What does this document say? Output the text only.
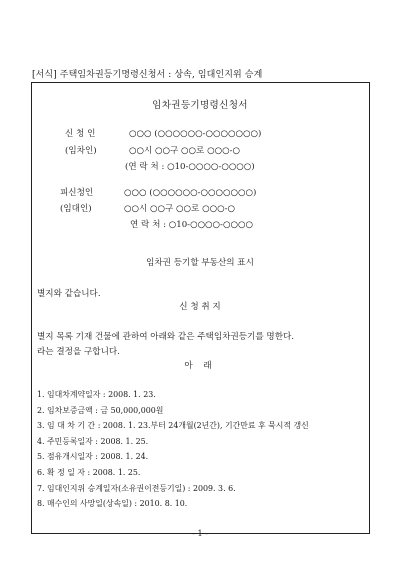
[서식] 주택임차권등기명령신청서 : 상속, 임대인지위 승계
임차권등기명령신청서
신 청 인	○○○ (○○○○○○-○○○○○○○)
(임차인)	○○시 ○○구 ○○로 ○○○-○
(연 락 처 : ○10-○○○○-○○○○)
피신청인	○○○ (○○○○○○-○○○○○○○)
(임대인)	○○시 ○○구 ○○로 ○○○-○
연 락 처 : ○10-○○○○-○○○○
임차권 등기할 부동산의 표시
별지와 같습니다.
신 청 취 지
별지 목록 기재 건물에 관하여 아래와 같은 주택임차권등기를 명한다.
라는 결정을 구합니다.
아 래
1. 임대차계약일자 : 2008. 1. 23.
2. 임차보증금액 : 금 50,000,000원
3. 임 대 차 기 간 : 2008. 1. 23.부터 24개월(2년간), 기간만료 후 묵시적 갱신
4. 주민등록일자 : 2008. 1. 25.
5. 점유개시일자 : 2008. 1. 24.
6. 확 정 일 자 : 2008. 1. 25.
7. 임대인지위 승계일자(소유권이전등기일) : 2009. 3. 6.
8. 매수인의 사망일(상속일) : 2010. 8. 10.
- 1 -
